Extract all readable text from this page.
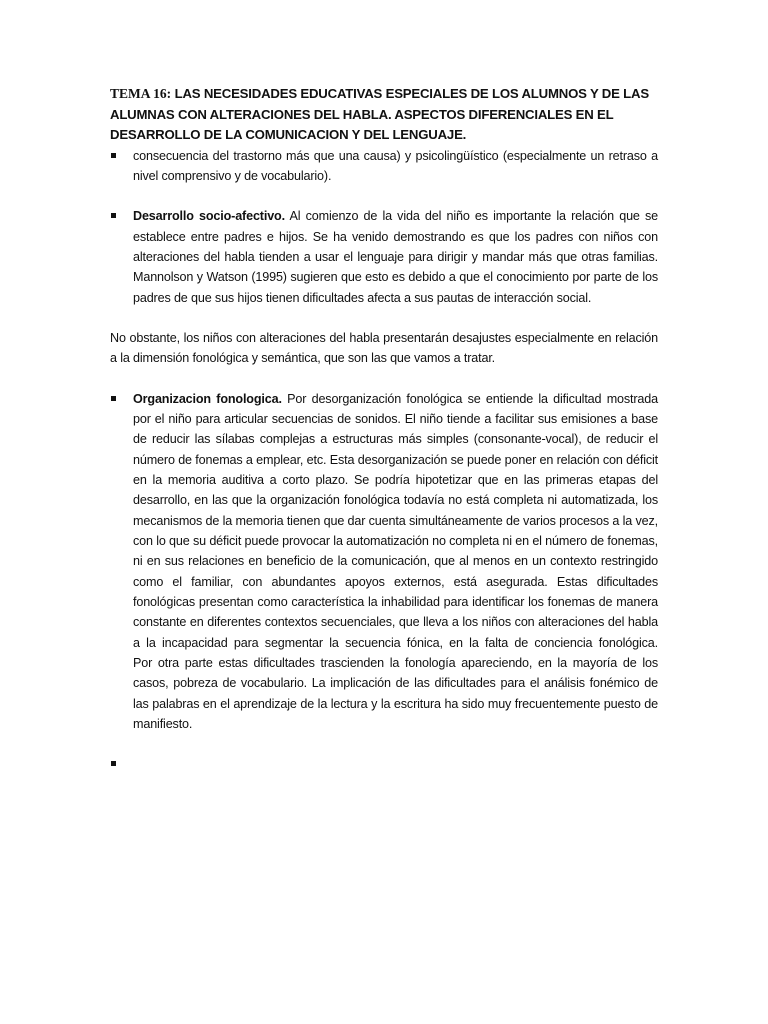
TEMA 16: LAS NECESIDADES EDUCATIVAS ESPECIALES DE LOS ALUMNOS Y DE LAS ALUMNAS CON ALTERACIONES DEL HABLA. ASPECTOS DIFERENCIALES EN EL DESARROLLO DE LA COMUNICACION Y DEL LENGUAJE.

consecuencia del trastorno más que una causa) y psicolingüístico (especialmente un retraso a nivel comprensivo y de vocabulario).

Desarrollo socio-afectivo. Al comienzo de la vida del niño es importante la relación que se establece entre padres e hijos. Se ha venido demostrando es que los padres con niños con alteraciones del habla tienden a usar el lenguaje para dirigir y mandar más que otras familias. Mannolson y Watson (1995) sugieren que esto es debido a que el conocimiento por parte de los padres de que sus hijos tienen dificultades afecta a sus pautas de interacción social.

No obstante, los niños con alteraciones del habla presentarán desajustes especialmente en relación a la dimensión fonológica y semántica, que son las que vamos a tratar.

Organizacion fonologica. Por desorganización fonológica se entiende la dificultad mostrada por el niño para articular secuencias de sonidos. El niño tiende a facilitar sus emisiones a base de reducir las sílabas complejas a estructuras más simples (consonante-vocal), de reducir el número de fonemas a emplear, etc. Esta desorganización se puede poner en relación con déficit en la memoria auditiva a corto plazo. Se podría hipotetizar que en las primeras etapas del desarrollo, en las que la organización fonológica todavía no está completa ni automatizada, los mecanismos de la memoria tienen que dar cuenta simultáneamente de varios procesos a la vez, con lo que su déficit puede provocar la automatización no completa ni en el número de fonemas, ni en sus relaciones en beneficio de la comunicación, que al menos en un contexto restringido como el familiar, con abundantes apoyos externos, está asegurada. Estas dificultades fonológicas presentan como característica la inhabilidad para identificar los fonemas de manera constante en diferentes contextos secuenciales, que lleva a los niños con alteraciones del habla a la incapacidad para segmentar la secuencia fónica, en la falta de conciencia fonológica.          Por otra parte estas dificultades trascienden la fonología apareciendo, en la mayoría de los casos, pobreza de vocabulario. La implicación de las dificultades para el análisis fonémico de las palabras en el aprendizaje de la lectura y la escritura ha sido muy frecuentemente puesto de manifiesto.
